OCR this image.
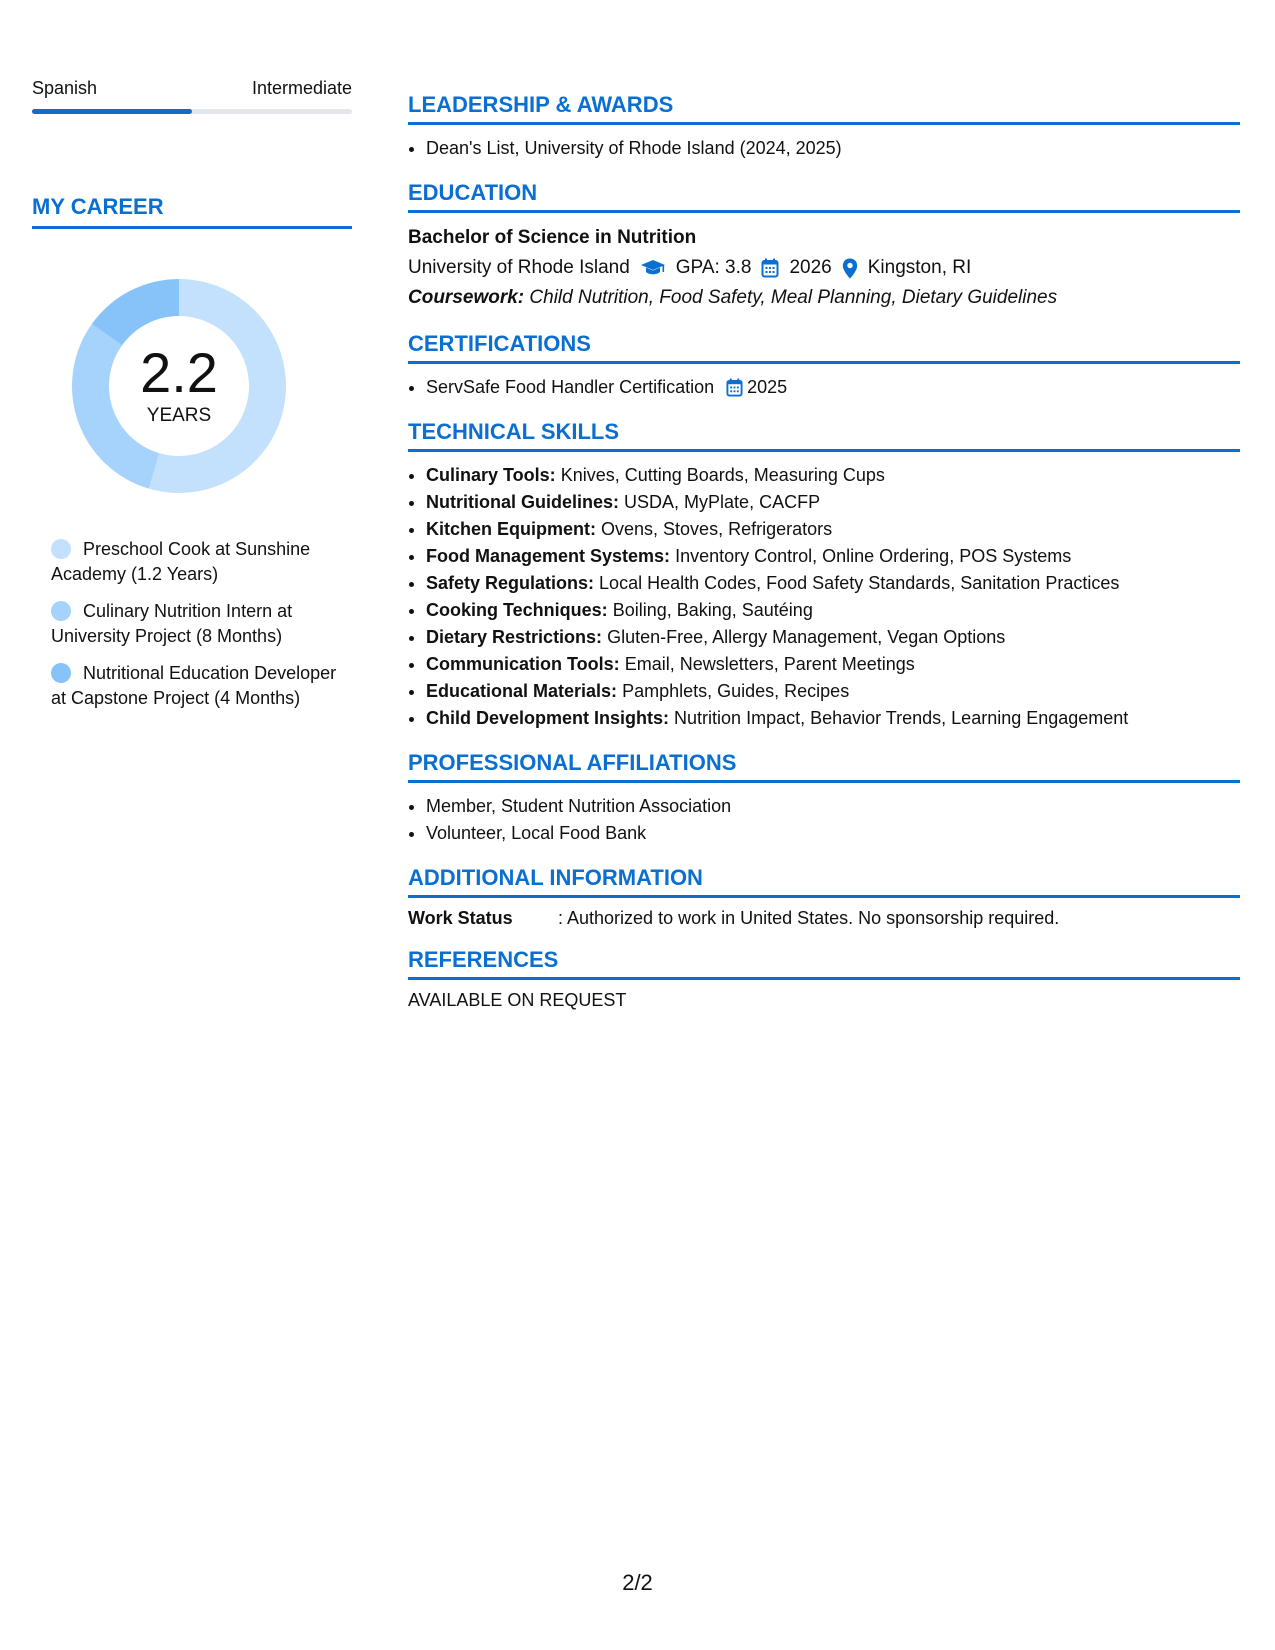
Spanish	Intermediate
MY CAREER
2.2
YEARS
Preschool Cook at Sunshine Academy (1.2 Years)
Culinary Nutrition Intern at University Project (8 Months)
Nutritional Education Developer at Capstone Project (4 Months)
LEADERSHIP & AWARDS
• Dean's List, University of Rhode Island (2024, 2025)
EDUCATION
Bachelor of Science in Nutrition
University of Rhode Island GPA: 3.8 2026 Kingston, RI
Coursework: Child Nutrition, Food Safety, Meal Planning, Dietary Guidelines
CERTIFICATIONS
• ServSafe Food Handler Certification 2025
TECHNICAL SKILLS
• Culinary Tools: Knives, Cutting Boards, Measuring Cups
• Nutritional Guidelines: USDA, MyPlate, CACFP
• Kitchen Equipment: Ovens, Stoves, Refrigerators
• Food Management Systems: Inventory Control, Online Ordering, POS Systems
• Safety Regulations: Local Health Codes, Food Safety Standards, Sanitation Practices
• Cooking Techniques: Boiling, Baking, Sautéing
• Dietary Restrictions: Gluten-Free, Allergy Management, Vegan Options
• Communication Tools: Email, Newsletters, Parent Meetings
• Educational Materials: Pamphlets, Guides, Recipes
• Child Development Insights: Nutrition Impact, Behavior Trends, Learning Engagement
PROFESSIONAL AFFILIATIONS
• Member, Student Nutrition Association
• Volunteer, Local Food Bank
ADDITIONAL INFORMATION
Work Status	: Authorized to work in United States. No sponsorship required.
REFERENCES
AVAILABLE ON REQUEST
2/2
